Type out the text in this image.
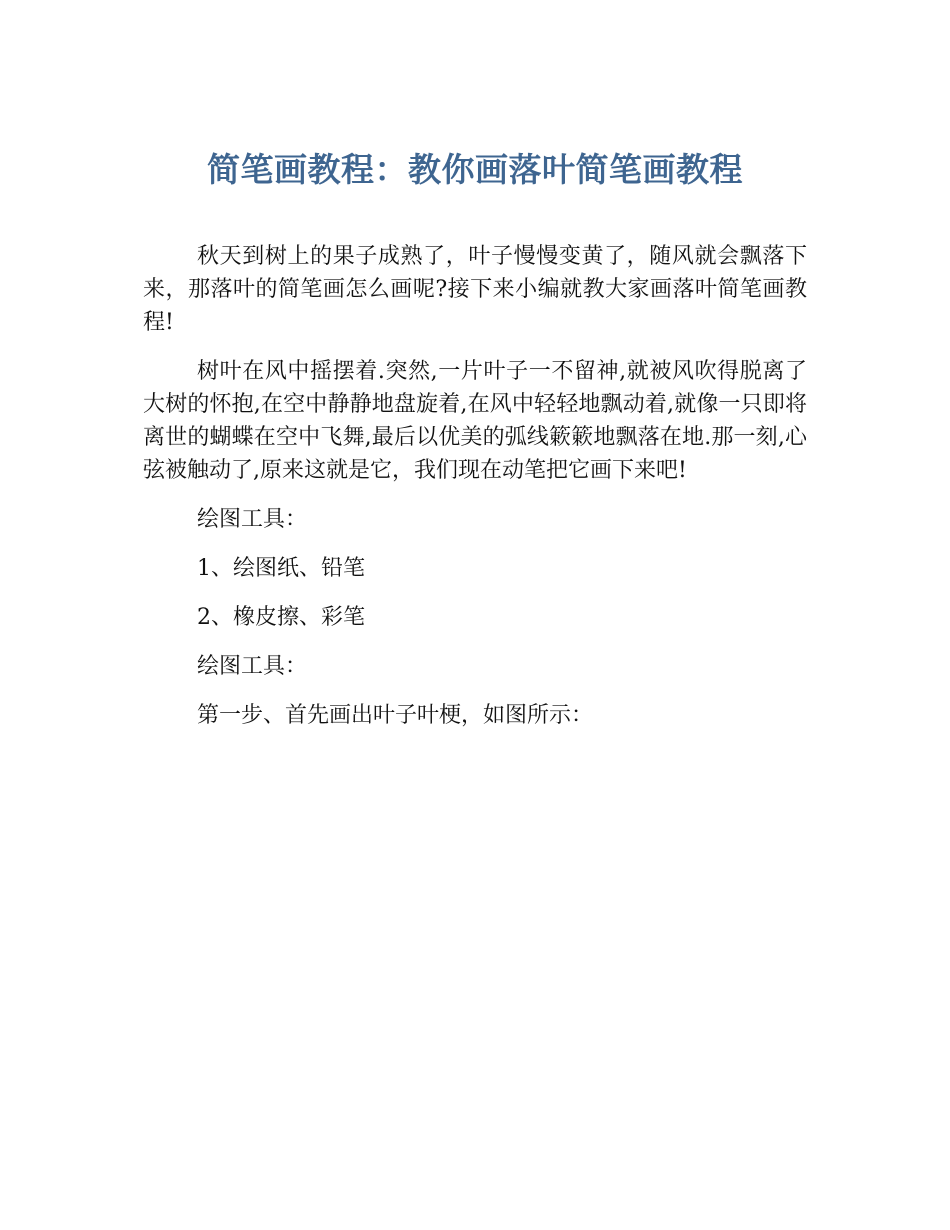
简笔画教程：教你画落叶简笔画教程

秋天到树上的果子成熟了，叶子慢慢变黄了，随风就会飘落下来，那落叶的简笔画怎么画呢?接下来小编就教大家画落叶简笔画教程!

树叶在风中摇摆着.突然,一片叶子一不留神,就被风吹得脱离了大树的怀抱,在空中静静地盘旋着,在风中轻轻地飘动着,就像一只即将离世的蝴蝶在空中飞舞,最后以优美的弧线簌簌地飘落在地.那一刻,心弦被触动了,原来这就是它，我们现在动笔把它画下来吧!

绘图工具：

1、绘图纸、铅笔

2、橡皮擦、彩笔

绘图工具：

第一步、首先画出叶子叶梗，如图所示：
